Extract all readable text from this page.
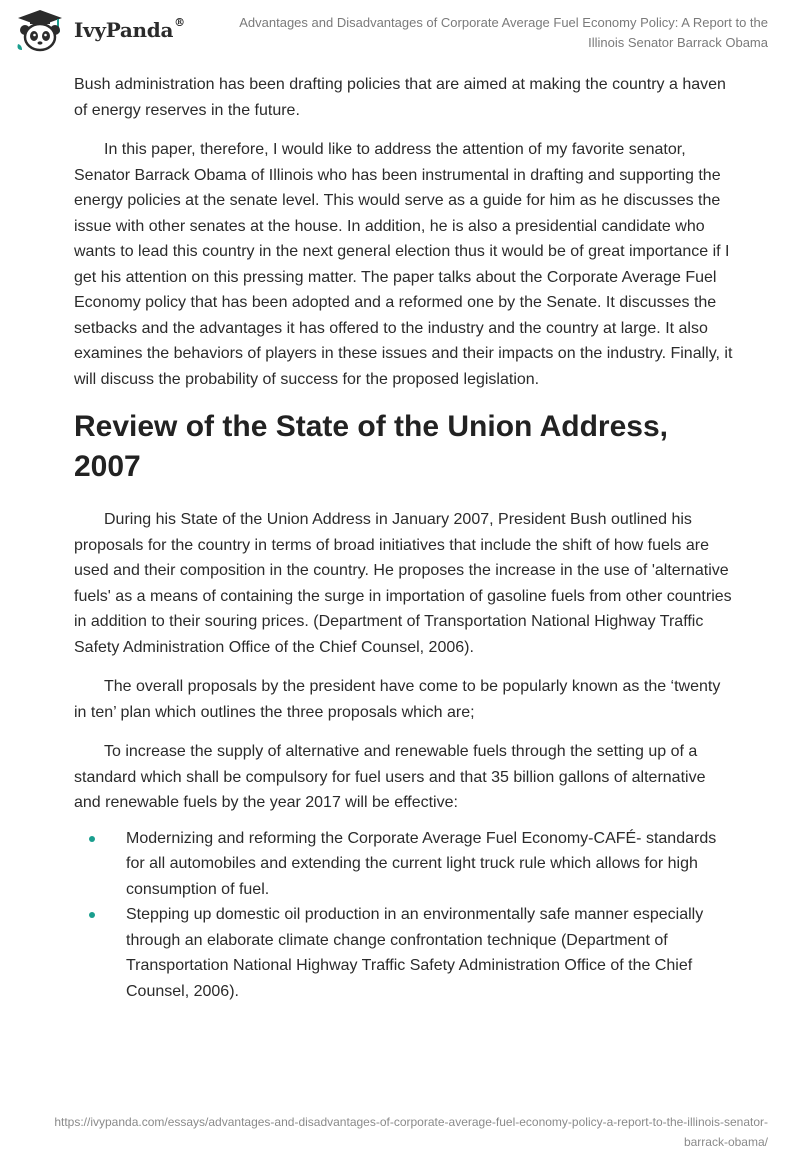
IvyPanda®	Advantages and Disadvantages of Corporate Average Fuel Economy Policy: A Report to the Illinois Senator Barrack Obama

Bush administration has been drafting policies that are aimed at making the country a haven of energy reserves in the future.

In this paper, therefore, I would like to address the attention of my favorite senator, Senator Barrack Obama of Illinois who has been instrumental in drafting and supporting the energy policies at the senate level. This would serve as a guide for him as he discusses the issue with other senates at the house. In addition, he is also a presidential candidate who wants to lead this country in the next general election thus it would be of great importance if I get his attention on this pressing matter. The paper talks about the Corporate Average Fuel Economy policy that has been adopted and a reformed one by the Senate. It discusses the setbacks and the advantages it has offered to the industry and the country at large. It also examines the behaviors of players in these issues and their impacts on the industry. Finally, it will discuss the probability of success for the proposed legislation.

Review of the State of the Union Address, 2007

During his State of the Union Address in January 2007, President Bush outlined his proposals for the country in terms of broad initiatives that include the shift of how fuels are used and their composition in the country. He proposes the increase in the use of 'alternative fuels' as a means of containing the surge in importation of gasoline fuels from other countries in addition to their souring prices. (Department of Transportation National Highway Traffic Safety Administration Office of the Chief Counsel, 2006).

The overall proposals by the president have come to be popularly known as the ‘twenty in ten’ plan which outlines the three proposals which are;

To increase the supply of alternative and renewable fuels through the setting up of a standard which shall be compulsory for fuel users and that 35 billion gallons of alternative and renewable fuels by the year 2017 will be effective:

Modernizing and reforming the Corporate Average Fuel Economy-CAFÉ- standards for all automobiles and extending the current light truck rule which allows for high consumption of fuel.
Stepping up domestic oil production in an environmentally safe manner especially through an elaborate climate change confrontation technique (Department of Transportation National Highway Traffic Safety Administration Office of the Chief Counsel, 2006).
https://ivypanda.com/essays/advantages-and-disadvantages-of-corporate-average-fuel-economy-policy-a-report-to-the-illinois-senator-barrack-obama/
